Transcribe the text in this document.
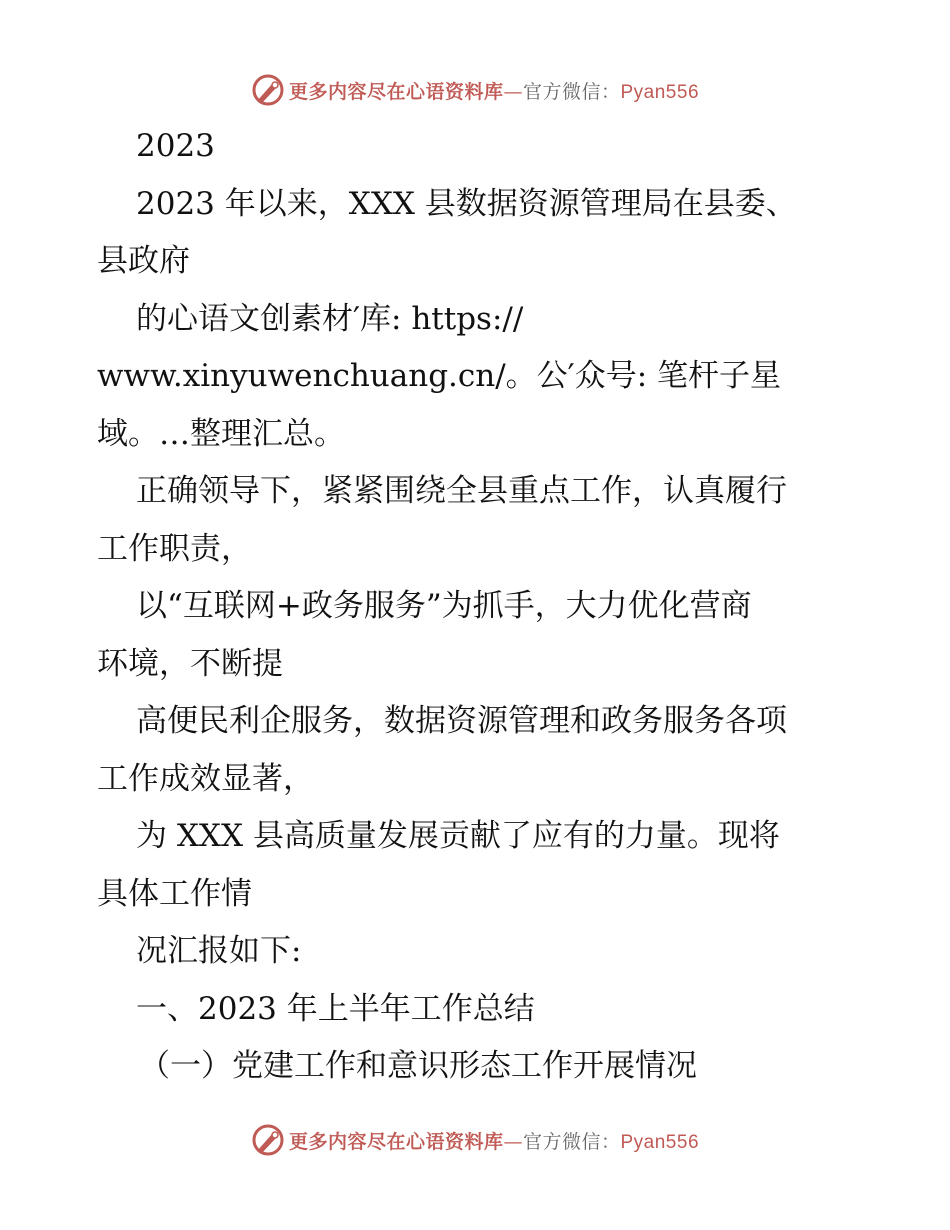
更多内容尽在心语资料库—官方微信：Pyan556
2023
2023 年以来，XXX 县数据资源管理局在县委、
县政府
的心语文创素材′库: https://
www.xinyuwenchuang.cn/。公′众号: 笔杆子星
域。…整理汇总。
正确领导下，紧紧围绕全县重点工作，认真履行
工作职责，
以“互联网+政务服务”为抓手，大力优化营商
环境，不断提
高便民利企服务，数据资源管理和政务服务各项
工作成效显著，
为 XXX 县高质量发展贡献了应有的力量。现将
具体工作情
况汇报如下:
一、2023 年上半年工作总结
（一）党建工作和意识形态工作开展情况
更多内容尽在心语资料库—官方微信：Pyan556
